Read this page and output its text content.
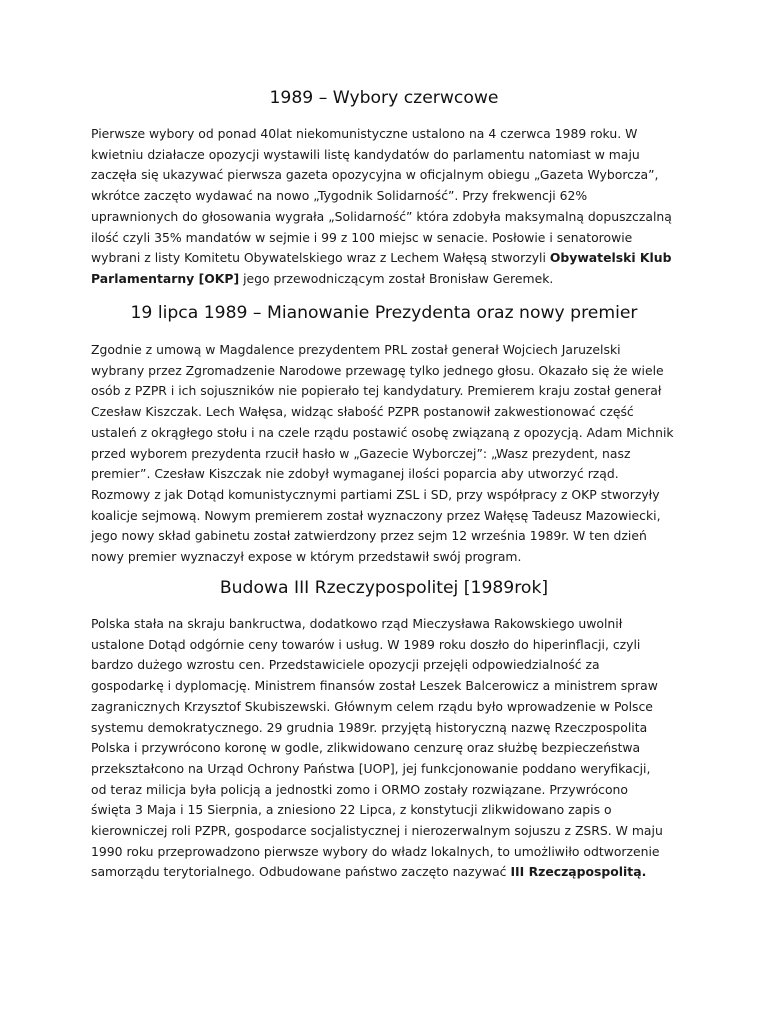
1989 – Wybory czerwcowe
Pierwsze wybory od ponad 40lat niekomunistyczne ustalono na 4 czerwca 1989 roku. W
kwietniu działacze opozycji wystawili listę kandydatów do parlamentu natomiast w maju
zaczęła się ukazywać pierwsza gazeta opozycyjna w oficjalnym obiegu „Gazeta Wyborcza”,
wkrótce zaczęto wydawać na nowo „Tygodnik Solidarność”. Przy frekwencji 62%
uprawnionych do głosowania wygrała „Solidarność” która zdobyła maksymalną dopuszczalną
ilość czyli 35% mandatów w sejmie i 99 z 100 miejsc w senacie. Posłowie i senatorowie
wybrani z listy Komitetu Obywatelskiego wraz z Lechem Wałęsą stworzyli Obywatelski Klub
Parlamentarny [OKP] jego przewodniczącym został Bronisław Geremek.
19 lipca 1989 – Mianowanie Prezydenta oraz nowy premier
Zgodnie z umową w Magdalence prezydentem PRL został generał Wojciech Jaruzelski
wybrany przez Zgromadzenie Narodowe przewagę tylko jednego głosu. Okazało się że wiele
osób z PZPR i ich sojuszników nie popierało tej kandydatury. Premierem kraju został generał
Czesław Kiszczak. Lech Wałęsa, widząc słabość PZPR postanowił zakwestionować część
ustaleń z okrągłego stołu i na czele rządu postawić osobę związaną z opozycją. Adam Michnik
przed wyborem prezydenta rzucił hasło w „Gazecie Wyborczej”: „Wasz prezydent, nasz
premier”. Czesław Kiszczak nie zdobył wymaganej ilości poparcia aby utworzyć rząd.
Rozmowy z jak Dotąd komunistycznymi partiami ZSL i SD, przy współpracy z OKP stworzyły
koalicje sejmową. Nowym premierem został wyznaczony przez Wałęsę Tadeusz Mazowiecki,
jego nowy skład gabinetu został zatwierdzony przez sejm 12 września 1989r. W ten dzień
nowy premier wyznaczył expose w którym przedstawił swój program.
Budowa III Rzeczypospolitej [1989rok]
Polska stała na skraju bankructwa, dodatkowo rząd Mieczysława Rakowskiego uwolnił
ustalone Dotąd odgórnie ceny towarów i usług. W 1989 roku doszło do hiperinflacji, czyli
bardzo dużego wzrostu cen. Przedstawiciele opozycji przejęli odpowiedzialność za
gospodarkę i dyplomację. Ministrem finansów został Leszek Balcerowicz a ministrem spraw
zagranicznych Krzysztof Skubiszewski. Głównym celem rządu było wprowadzenie w Polsce
systemu demokratycznego. 29 grudnia 1989r. przyjętą historyczną nazwę Rzeczpospolita
Polska i przywrócono koronę w godle, zlikwidowano cenzurę oraz służbę bezpieczeństwa
przekształcono na Urząd Ochrony Państwa [UOP], jej funkcjonowanie poddano weryfikacji,
od teraz milicja była policją a jednostki zomo i ORMO zostały rozwiązane. Przywrócono
święta 3 Maja i 15 Sierpnia, a zniesiono 22 Lipca, z konstytucji zlikwidowano zapis o
kierowniczej roli PZPR, gospodarce socjalistycznej i nierozerwalnym sojuszu z ZSRS. W maju
1990 roku przeprowadzono pierwsze wybory do władz lokalnych, to umożliwiło odtworzenie
samorządu terytorialnego. Odbudowane państwo zaczęto nazywać III Rzecząpospolitą.
